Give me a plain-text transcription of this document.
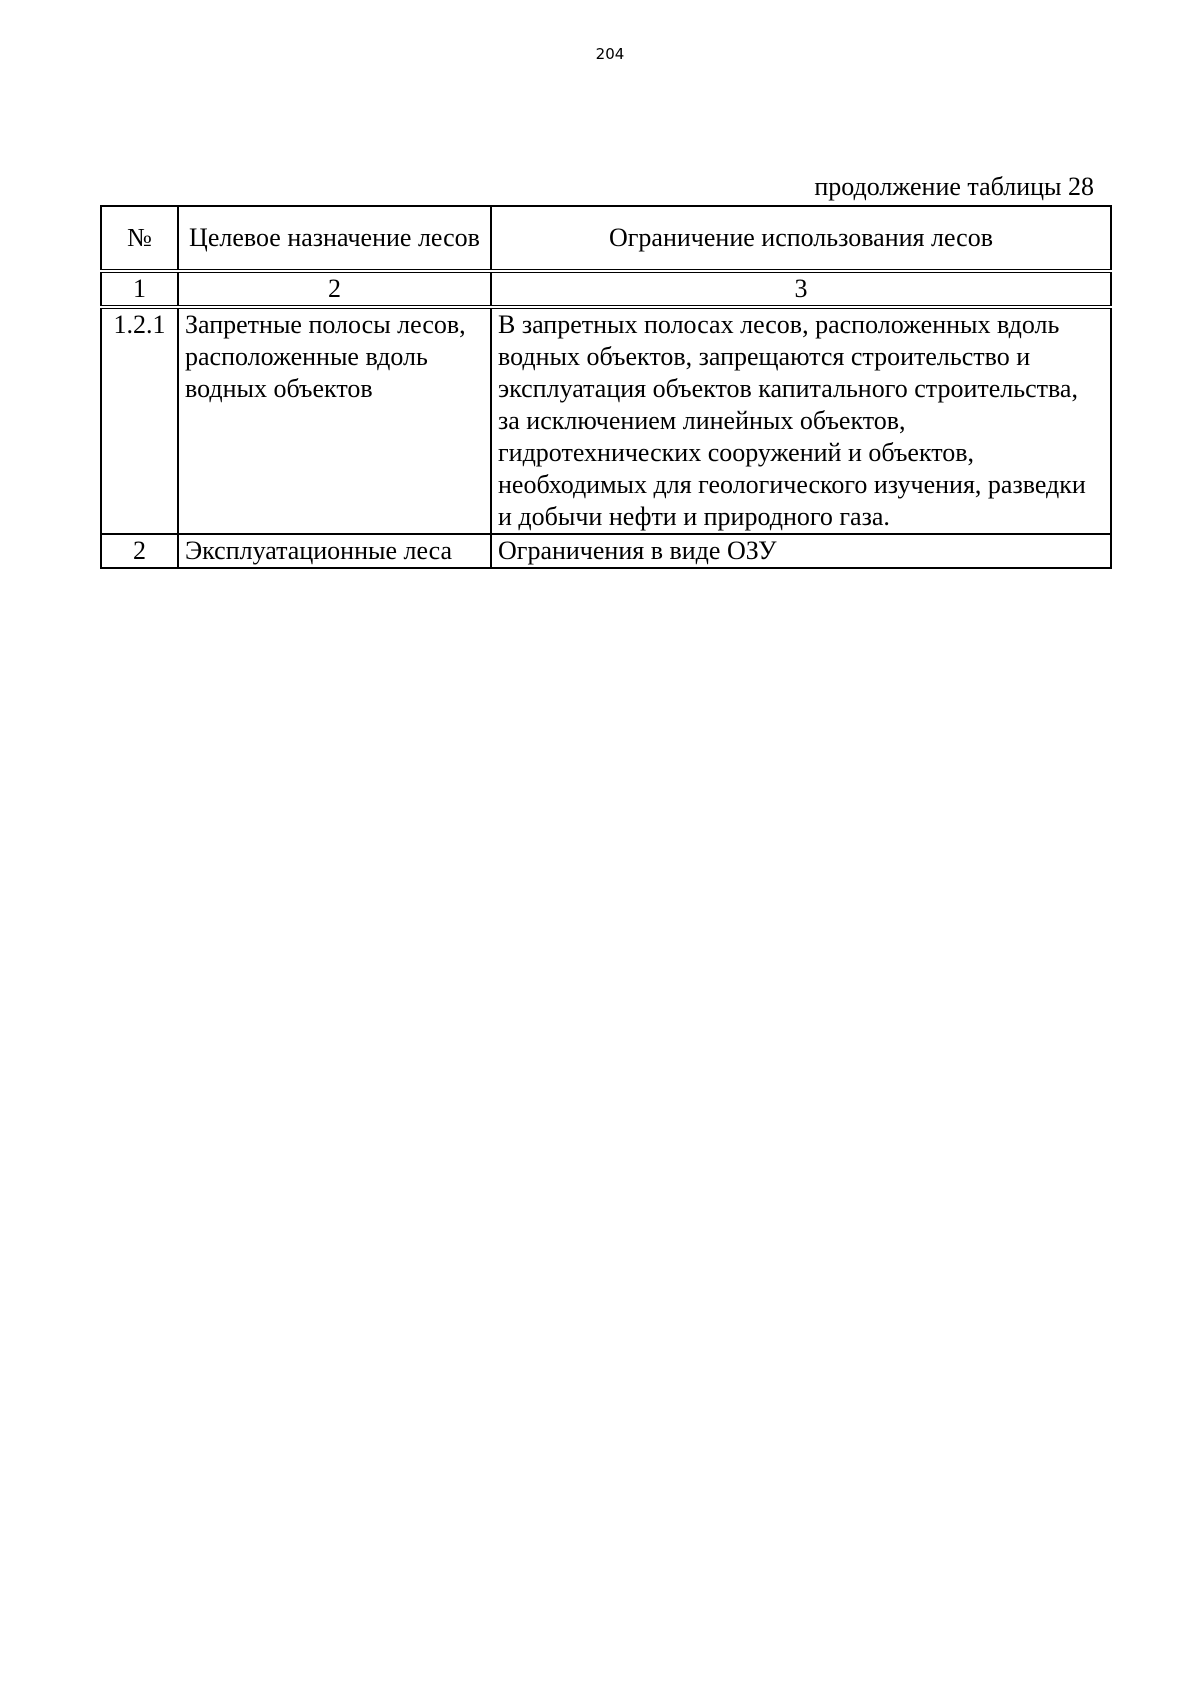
204
продолжение таблицы 28
№	Целевое назначение лесов	Ограничение использования лесов
1	2	3
1.2.1	Запретные полосы лесов, расположенные вдоль водных объектов	В запретных полосах лесов, расположенных вдоль водных объектов, запрещаются строительство и эксплуатация объектов капитального строительства, за исключением линейных объектов, гидротехнических сооружений и объектов, необходимых для геологического изучения, разведки и добычи нефти и природного газа.
2	Эксплуатационные леса	Ограничения в виде ОЗУ
